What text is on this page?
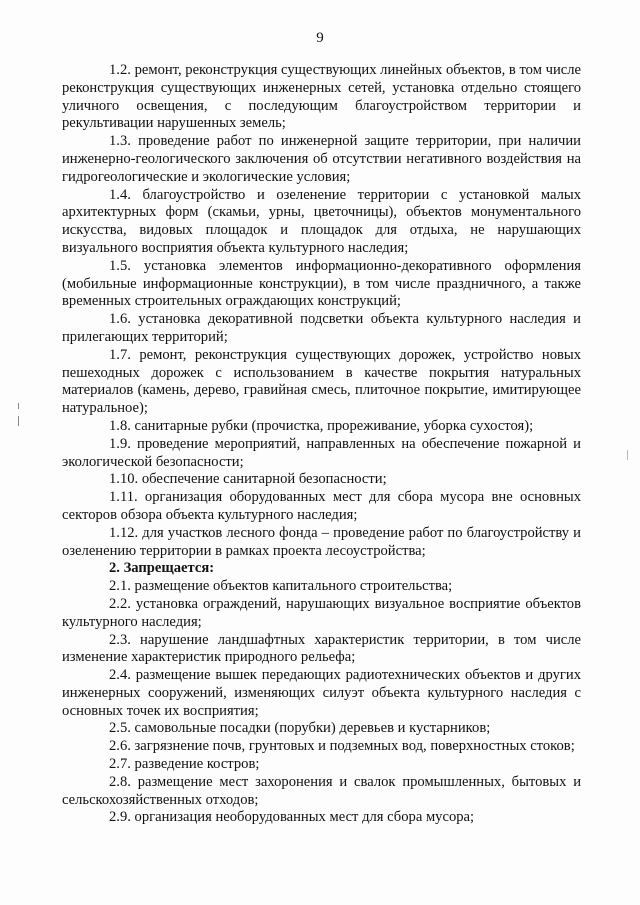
9

1.2. ремонт, реконструкция существующих линейных объектов, в том числе реконструкция существующих инженерных сетей, установка отдельно стоящего уличного освещения, с последующим благоустройством территории и рекультивации нарушенных земель;

1.3. проведение работ по инженерной защите территории, при наличии инженерно-геологического заключения об отсутствии негативного воздействия на гидрогеологические и экологические условия;

1.4. благоустройство и озеленение территории с установкой малых архитектурных форм (скамьи, урны, цветочницы), объектов монументального искусства, видовых площадок и площадок для отдыха, не нарушающих визуального восприятия объекта культурного наследия;

1.5. установка элементов информационно-декоративного оформления (мобильные информационные конструкции), в том числе праздничного, а также временных строительных ограждающих конструкций;

1.6. установка декоративной подсветки объекта культурного наследия и прилегающих территорий;

1.7. ремонт, реконструкция существующих дорожек, устройство новых пешеходных дорожек с использованием в качестве покрытия натуральных материалов (камень, дерево, гравийная смесь, плиточное покрытие, имитирующее натуральное);

1.8. санитарные рубки (прочистка, прореживание, уборка сухостоя);

1.9. проведение мероприятий, направленных на обеспечение пожарной и экологической безопасности;

1.10. обеспечение санитарной безопасности;

1.11. организация оборудованных мест для сбора мусора вне основных секторов обзора объекта культурного наследия;

1.12. для участков лесного фонда – проведение работ по благоустройству и озеленению территории в рамках проекта лесоустройства;

2. Запрещается:

2.1. размещение объектов капитального строительства;

2.2. установка ограждений, нарушающих визуальное восприятие объектов культурного наследия;

2.3. нарушение ландшафтных характеристик территории, в том числе изменение характеристик природного рельефа;

2.4. размещение вышек передающих радиотехнических объектов и других инженерных сооружений, изменяющих силуэт объекта культурного наследия с основных точек их восприятия;

2.5. самовольные посадки (порубки) деревьев и кустарников;

2.6. загрязнение почв, грунтовых и подземных вод, поверхностных стоков;

2.7. разведение костров;

2.8. размещение мест захоронения и свалок промышленных, бытовых и сельскохозяйственных отходов;

2.9. организация необорудованных мест для сбора мусора;
